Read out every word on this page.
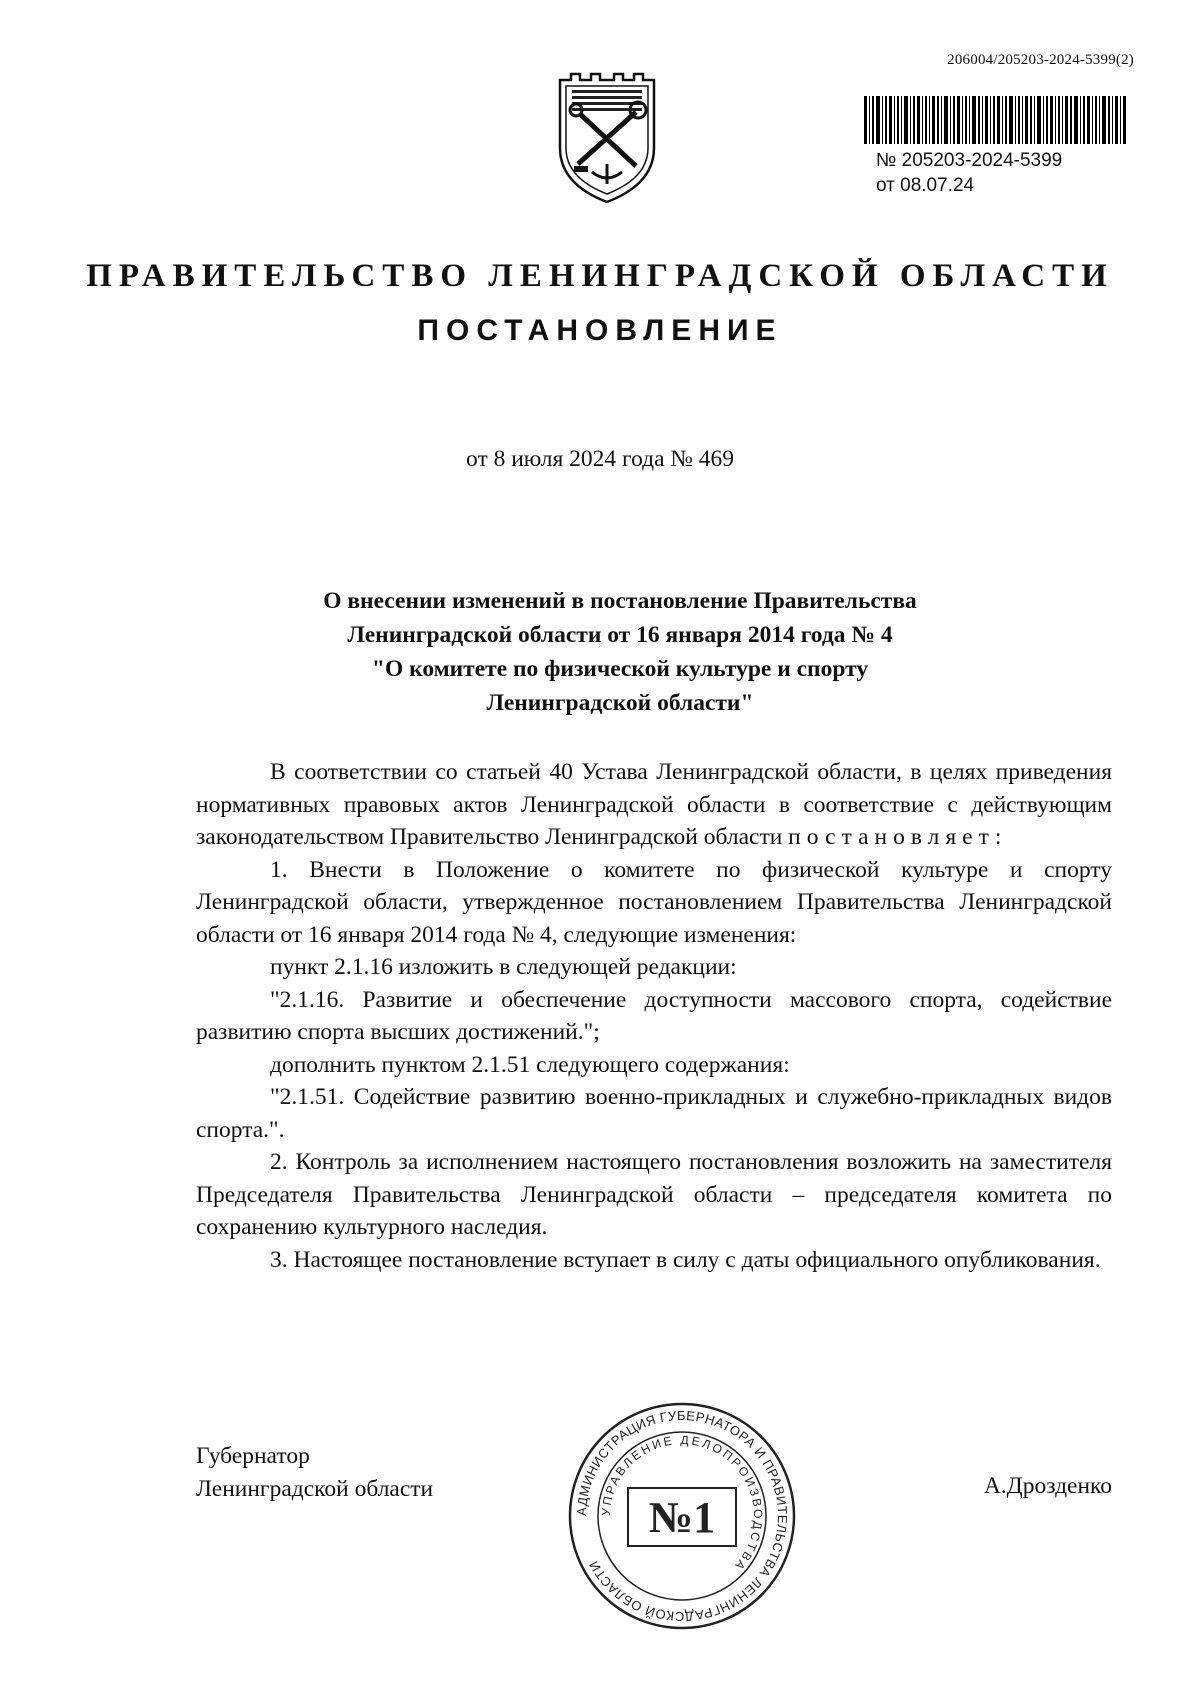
206004/205203-2024-5399(2)
№ 205203-2024-5399
от 08.07.24
ПРАВИТЕЛЬСТВО ЛЕНИНГРАДСКОЙ ОБЛАСТИ
ПОСТАНОВЛЕНИЕ
от 8 июля 2024 года № 469
О внесении изменений в постановление Правительства
Ленинградской области от 16 января 2014 года № 4
"О комитете по физической культуре и спорту
Ленинградской области"

В соответствии со статьей 40 Устава Ленинградской области, в целях приведения нормативных правовых актов Ленинградской области в соответствие с действующим законодательством Правительство Ленинградской области постановляет:

1. Внести в Положение о комитете по физической культуре и спорту Ленинградской области, утвержденное постановлением Правительства Ленинградской области от 16 января 2014 года № 4, следующие изменения:

пункт 2.1.16 изложить в следующей редакции:

"2.1.16. Развитие и обеспечение доступности массового спорта, содействие развитию спорта высших достижений.";

дополнить пунктом 2.1.51 следующего содержания:

"2.1.51. Содействие развитию военно-прикладных и служебно-прикладных видов спорта.".

2. Контроль за исполнением настоящего постановления возложить на заместителя Председателя Правительства Ленинградской области – председателя комитета по сохранению культурного наследия.

3. Настоящее постановление вступает в силу с даты официального опубликования.

Губернатор
Ленинградской области	А.Дрозденко
АДМИНИСТРАЦИЯ ГУБЕРНАТОРА И ПРАВИТЕЛЬСТВА ЛЕНИНГРАДСКОЙ ОБЛАСТИ
УПРАВЛЕНИЕ ДЕЛОПРОИЗВОДСТВА
№1
